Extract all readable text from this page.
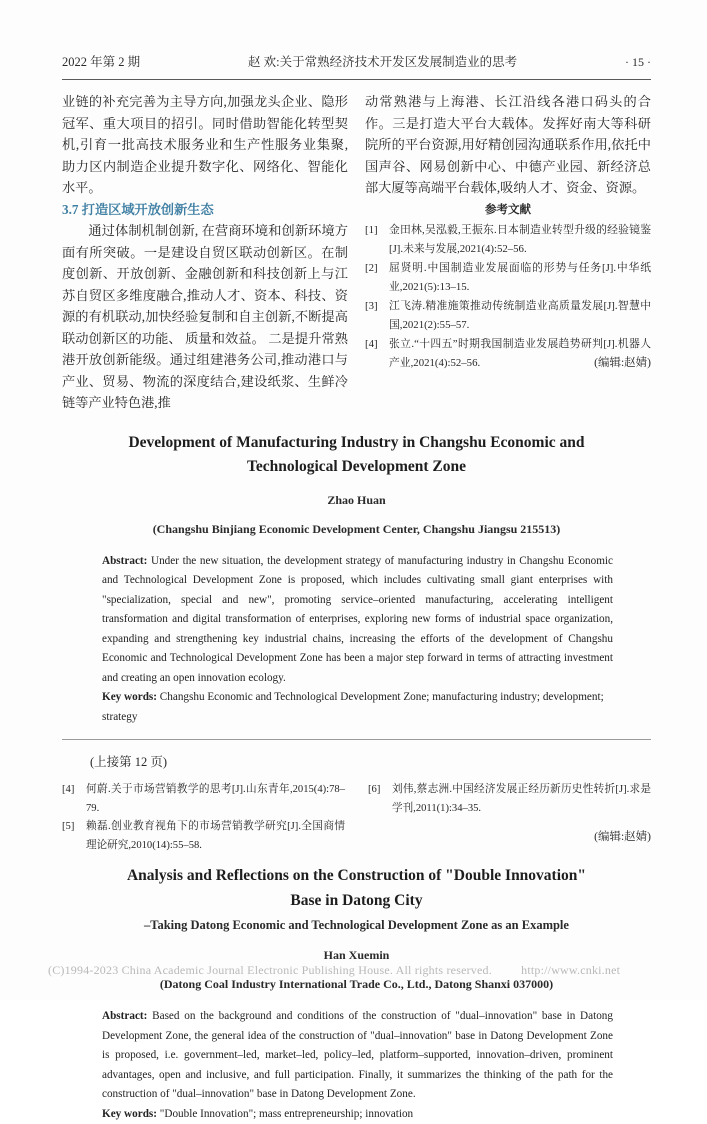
2022 年第 2 期	赵 欢:关于常熟经济技术开发区发展制造业的思考	· 15 ·

业链的补充完善为主导方向,加强龙头企业、隐形冠军、重大项目的招引。同时借助智能化转型契机,引育一批高技术服务业和生产性服务业集聚, 助力区内制造企业提升数字化、网络化、智能化水平。

3.7 打造区域开放创新生态

通过体制机制创新, 在营商环境和创新环境方面有所突破。一是建设自贸区联动创新区。在制度创新、开放创新、金融创新和科技创新上与江苏自贸区多维度融合,推动人才、资本、科技、资源的有机联动,加快经验复制和自主创新,不断提高联动创新区的功能、 质量和效益。 二是提升常熟港开放创新能级。通过组建港务公司,推动港口与产业、贸易、物流的深度结合,建设纸浆、生鲜冷链等产业特色港,推

动常熟港与上海港、长江沿线各港口码头的合作。三是打造大平台大载体。发挥好南大等科研院所的平台资源,用好精创园沟通联系作用,依托中国声谷、网易创新中心、中德产业园、新经济总部大厦等高端平台载体,吸纳人才、资金、资源。

参考文献

[1]	金田林,吴泓毅,王振东.日本制造业转型升级的经验镜鉴[J].未来与发展,2021(4):52–56.
[2]	屈贤明.中国制造业发展面临的形势与任务[J].中华纸业,2021(5):13–15.
[3]	江飞涛.精准施策推动传统制造业高质量发展[J].智慧中国,2021(2):55–57.
[4]	张立.“十四五”时期我国制造业发展趋势研判[J].机器人产业,2021(4):52–56.	(编辑:赵婧)

Development of Manufacturing Industry in Changshu Economic and
Technological Development Zone

Zhao Huan

(Changshu Binjiang Economic Development Center, Changshu Jiangsu 215513)

Abstract: Under the new situation, the development strategy of manufacturing industry in Changshu Economic and Technological Development Zone is proposed, which includes cultivating small giant enterprises with "specialization, special and new", promoting service–oriented manufacturing, accelerating intelligent transformation and digital transformation of enterprises, exploring new forms of industrial space organization, expanding and strengthening key industrial chains, increasing the efforts of the development of Changshu Economic and Technological Development Zone has been a major step forward in terms of attracting investment and creating an open innovation ecology.

Key words: Changshu Economic and Technological Development Zone; manufacturing industry; development; strategy

(上接第 12 页)

[4]	何蔚.关于市场营销教学的思考[J].山东青年,2015(4):78–79.
[5]	赖磊.创业教育视角下的市场营销教学研究[J].全国商情理论研究,2010(14):55–58.
[6]	刘伟,蔡志洲.中国经济发展正经历新历史性转折[J].求是学刊,2011(1):34–35.

(编辑:赵婧)

Analysis and Reflections on the Construction of "Double Innovation"
Base in Datong City

–Taking Datong Economic and Technological Development Zone as an Example

Han Xuemin

(Datong Coal Industry International Trade Co., Ltd., Datong Shanxi 037000)

Abstract: Based on the background and conditions of the construction of "dual–innovation" base in Datong Development Zone, the general idea of the construction of "dual–innovation" base in Datong Development Zone is proposed, i.e. government–led, market–led, policy–led, platform–supported, innovation–driven, prominent advantages, open and inclusive, and full participation. Finally, it summarizes the thinking of the path for the construction of "dual–innovation" base in Datong Development Zone.

Key words: "Double Innovation"; mass entrepreneurship; innovation

(C)1994-2023 China Academic Journal Electronic Publishing House. All rights reserved. http://www.cnki.net
